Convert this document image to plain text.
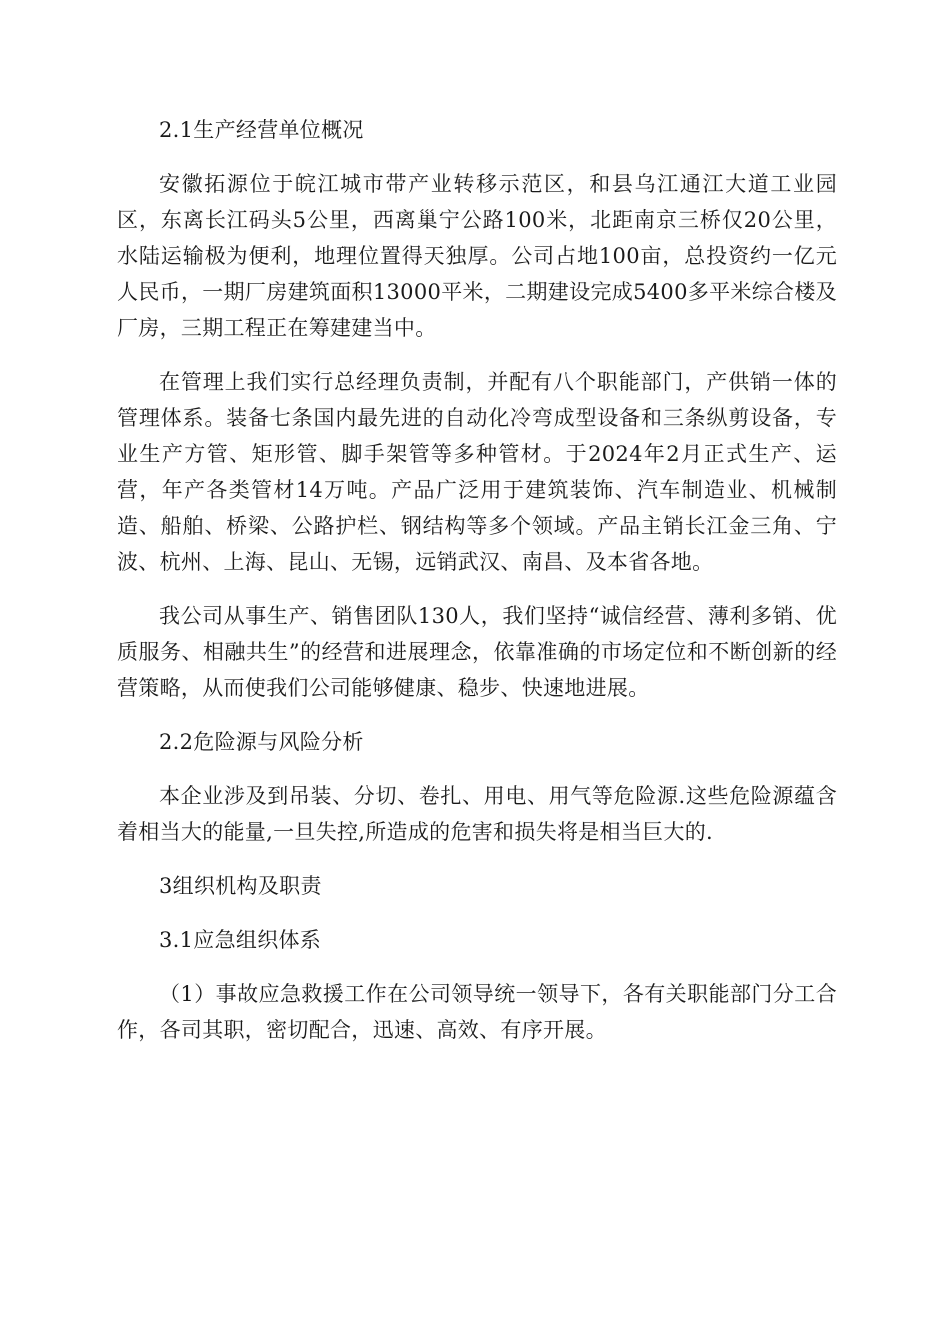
2.1生产经营单位概况
安徽拓源位于皖江城市带产业转移示范区，和县乌江通江大道工业园区，东离长江码头5公里，西离巢宁公路100米，北距南京三桥仅20公里，水陆运输极为便利，地理位置得天独厚。公司占地100亩，总投资约一亿元人民币，一期厂房建筑面积13000平米，二期建设完成5400多平米综合楼及厂房，三期工程正在筹建建当中。
在管理上我们实行总经理负责制，并配有八个职能部门，产供销一体的管理体系。装备七条国内最先进的自动化冷弯成型设备和三条纵剪设备，专业生产方管、矩形管、脚手架管等多种管材。于2024年2月正式生产、运营，年产各类管材14万吨。产品广泛用于建筑装饰、汽车制造业、机械制造、船舶、桥梁、公路护栏、钢结构等多个领域。产品主销长江金三角、宁波、杭州、上海、昆山、无锡，远销武汉、南昌、及本省各地。
我公司从事生产、销售团队130人，我们坚持“诚信经营、薄利多销、优质服务、相融共生”的经营和进展理念，依靠准确的市场定位和不断创新的经营策略，从而使我们公司能够健康、稳步、快速地进展。
2.2危险源与风险分析
本企业涉及到吊装、分切、卷扎、用电、用气等危险源.这些危险源蕴含着相当大的能量,一旦失控,所造成的危害和损失将是相当巨大的.
3组织机构及职责
3.1应急组织体系
（1）事故应急救援工作在公司领导统一领导下，各有关职能部门分工合作，各司其职，密切配合，迅速、高效、有序开展。
